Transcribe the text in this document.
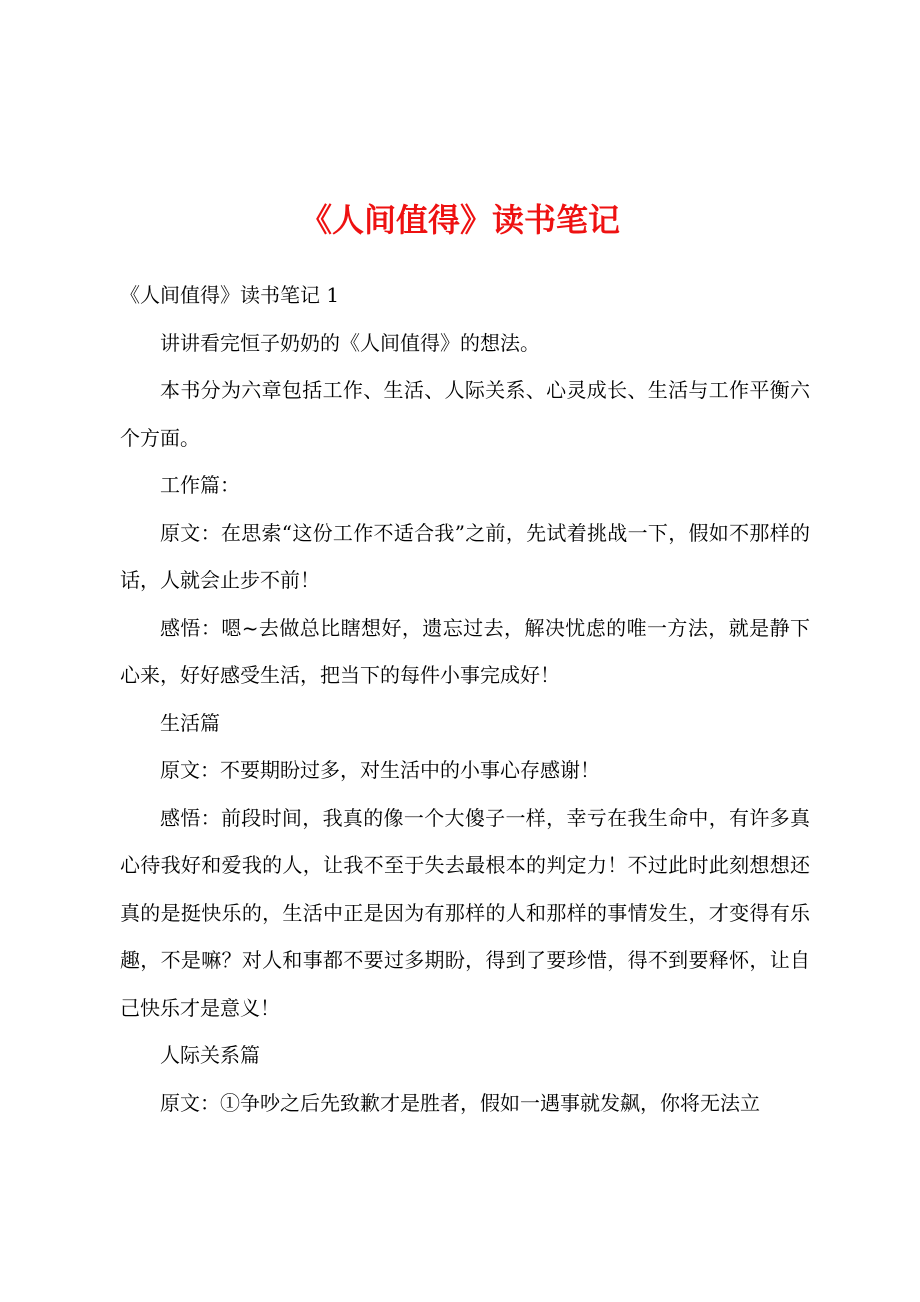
《人间值得》读书笔记

《人间值得》读书笔记 1

讲讲看完恒子奶奶的《人间值得》的想法。

本书分为六章包括工作、生活、人际关系、心灵成长、生活与工作平衡六个方面。

工作篇：

原文：在思索“这份工作不适合我”之前，先试着挑战一下，假如不那样的话，人就会止步不前！

感悟：嗯~去做总比瞎想好，遗忘过去，解决忧虑的唯一方法，就是静下心来，好好感受生活，把当下的每件小事完成好！

生活篇

原文：不要期盼过多，对生活中的小事心存感谢！

感悟：前段时间，我真的像一个大傻子一样，幸亏在我生命中，有许多真心待我好和爱我的人，让我不至于失去最根本的判定力！不过此时此刻想想还真的是挺快乐的，生活中正是因为有那样的人和那样的事情发生，才变得有乐趣，不是嘛？对人和事都不要过多期盼，得到了要珍惜，得不到要释怀，让自己快乐才是意义！

人际关系篇

原文：①争吵之后先致歉才是胜者，假如一遇事就发飙，你将无法立
